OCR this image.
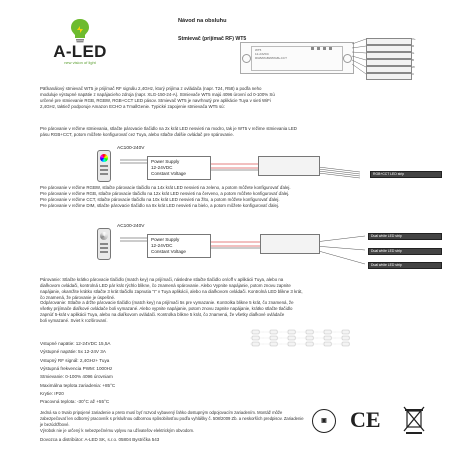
A-LED
new vision of light
Návod na obsluhu
Stmievač (prijímač RF) WT5
WT5
12-24VDC
RGB/RGBW/RGB+CCT
V+
R
G
B
W
C
Päťkanálový stmievač WT5 je prijímač RF signálu 2,4GHz, ktorý prijíma z ovládača (napr. T24, R58) a podľa neho
moduluje výstupné napätie z napájacieho zdroja (napr. XLG-150-24-A). Stmievače WT5 majú 4096 úrovní od 0-100% Sú
určené pre stmievanie RGB, RGBW, RGB+CCT LED pásov. Stmievač WT5 je navrhnutý pre aplikácie Tuya v sieti WiFi
2,4GHz, taktiež podporuje Amazon ECHO a TmallGenie. Typické zapojenie stmievača WT5 sú:
Pre párovanie v režime stmievania, stlačte párovacie tlačidlo na 2x krát LED nesvieti na modro, tak je WT5 v režime stmievania LED
pásu RGB+CCT, potom môžete konfigurovať cez Tuya, alebo stlačte ďalšie ovládač pre spárovanie.
AC100-240V
Power Supply
12-24VDC
Constant Voltage	RGB+CCT LED strip
Pre párovanie v režime RGBW, stlačte párovacie tlačidlo na 14x krát LED nesvieti na zeleno, a potom môžete konfigurovať ďalej.
Pre párovanie v režime RGB, stlačte párovacie tlačidlo na 12x krát LED nesvieti na červeno, a potom môžete konfigurovať ďalej.
Pre párovanie v režime CCT, stlačte párovacie tlačidlo na 10x krát LED nesvieti na žlto, a potom môžete konfigurovať ďalej.
Pre párovanie v režime DIM, stlačte párovacie tlačidlo na 8x krát LED nesvieti na bielo, a potom môžete konfigurovať ďalej.
AC100-240V
Power Supply
12-24VDC
Constant Voltage
Dual white LED strip
Dual white LED strip
Dual white LED strip
Párovanie: Stlačte krátko párovacie tlačidlo (match key) na prijímači, následne stlačte tlačidlo on/off v aplikácii Tuya, alebo na
diaľkovom ovládači, kontrolná LED pár krát rýchlo blikne, čo znamená spárovanie. Alebo Vypnite napájanie, potom znovu zapnite
napájanie, okamžite krátko stlačte 3 krát tlačidlo zapnutia "I" v Tuya aplikácii, alebo na diaľkovom ovládači. Kontrolná LED blikne 3 krát,
čo znamená, že párovanie je úspešné.
Odpárovanie: Stlačte a držte párovacie tlačidlo (match key) na prijímači 5s pre vymazanie. Kontrolka blikne 5 krát, čo znamená, že
všetky prijímače diaľkové ovládače boli vymazané. Alebo vypnite napájanie, potom znovu zapnite napájanie, krátko stlačte tlačidlo
zapnúť 5-krát v aplikácii Tuya, alebo na diaľkovom ovládači. Kontrolka blikne 5 krát, čo znamená, že všetky diaľkové ovládače
boli vymazané. Sviet k rozširovaní.
Vstupné napätie: 12-24VDC 15,5A
Výstupné napätie: 5x 12-24V 3A
Vstupný RF signál: 2,4GHz+ Tuya
Výstupná frekvencia PWM: 1000Hz
Stmievanie: 0-100% 4096 úrovniam
Maximálna teplota zariadenia: +85°C
Krytie: IP20
Pracovná teplota: -30°C až +55°C
Jedná sa o trvalo pripojené zariadenie a preto musí byť rozvod vybavený ľahko dostupným odpojovacím zariadením. Montáž môže
zabezpečovať len odborný pracovník s príslušnou odbornou spôsobilosťou podľa vyhlášky č. 508/2009 Zb. a neskorších predpisov. Zariadenie je bezúdržbové.
Výrobok nie je určený k nebezpečnému vplyvu na užívateľov elektrickým obvodom.
▣	CE
Dovozca a distribútor: A-LED SK, s.r.o. 05804 Bystrička 543
